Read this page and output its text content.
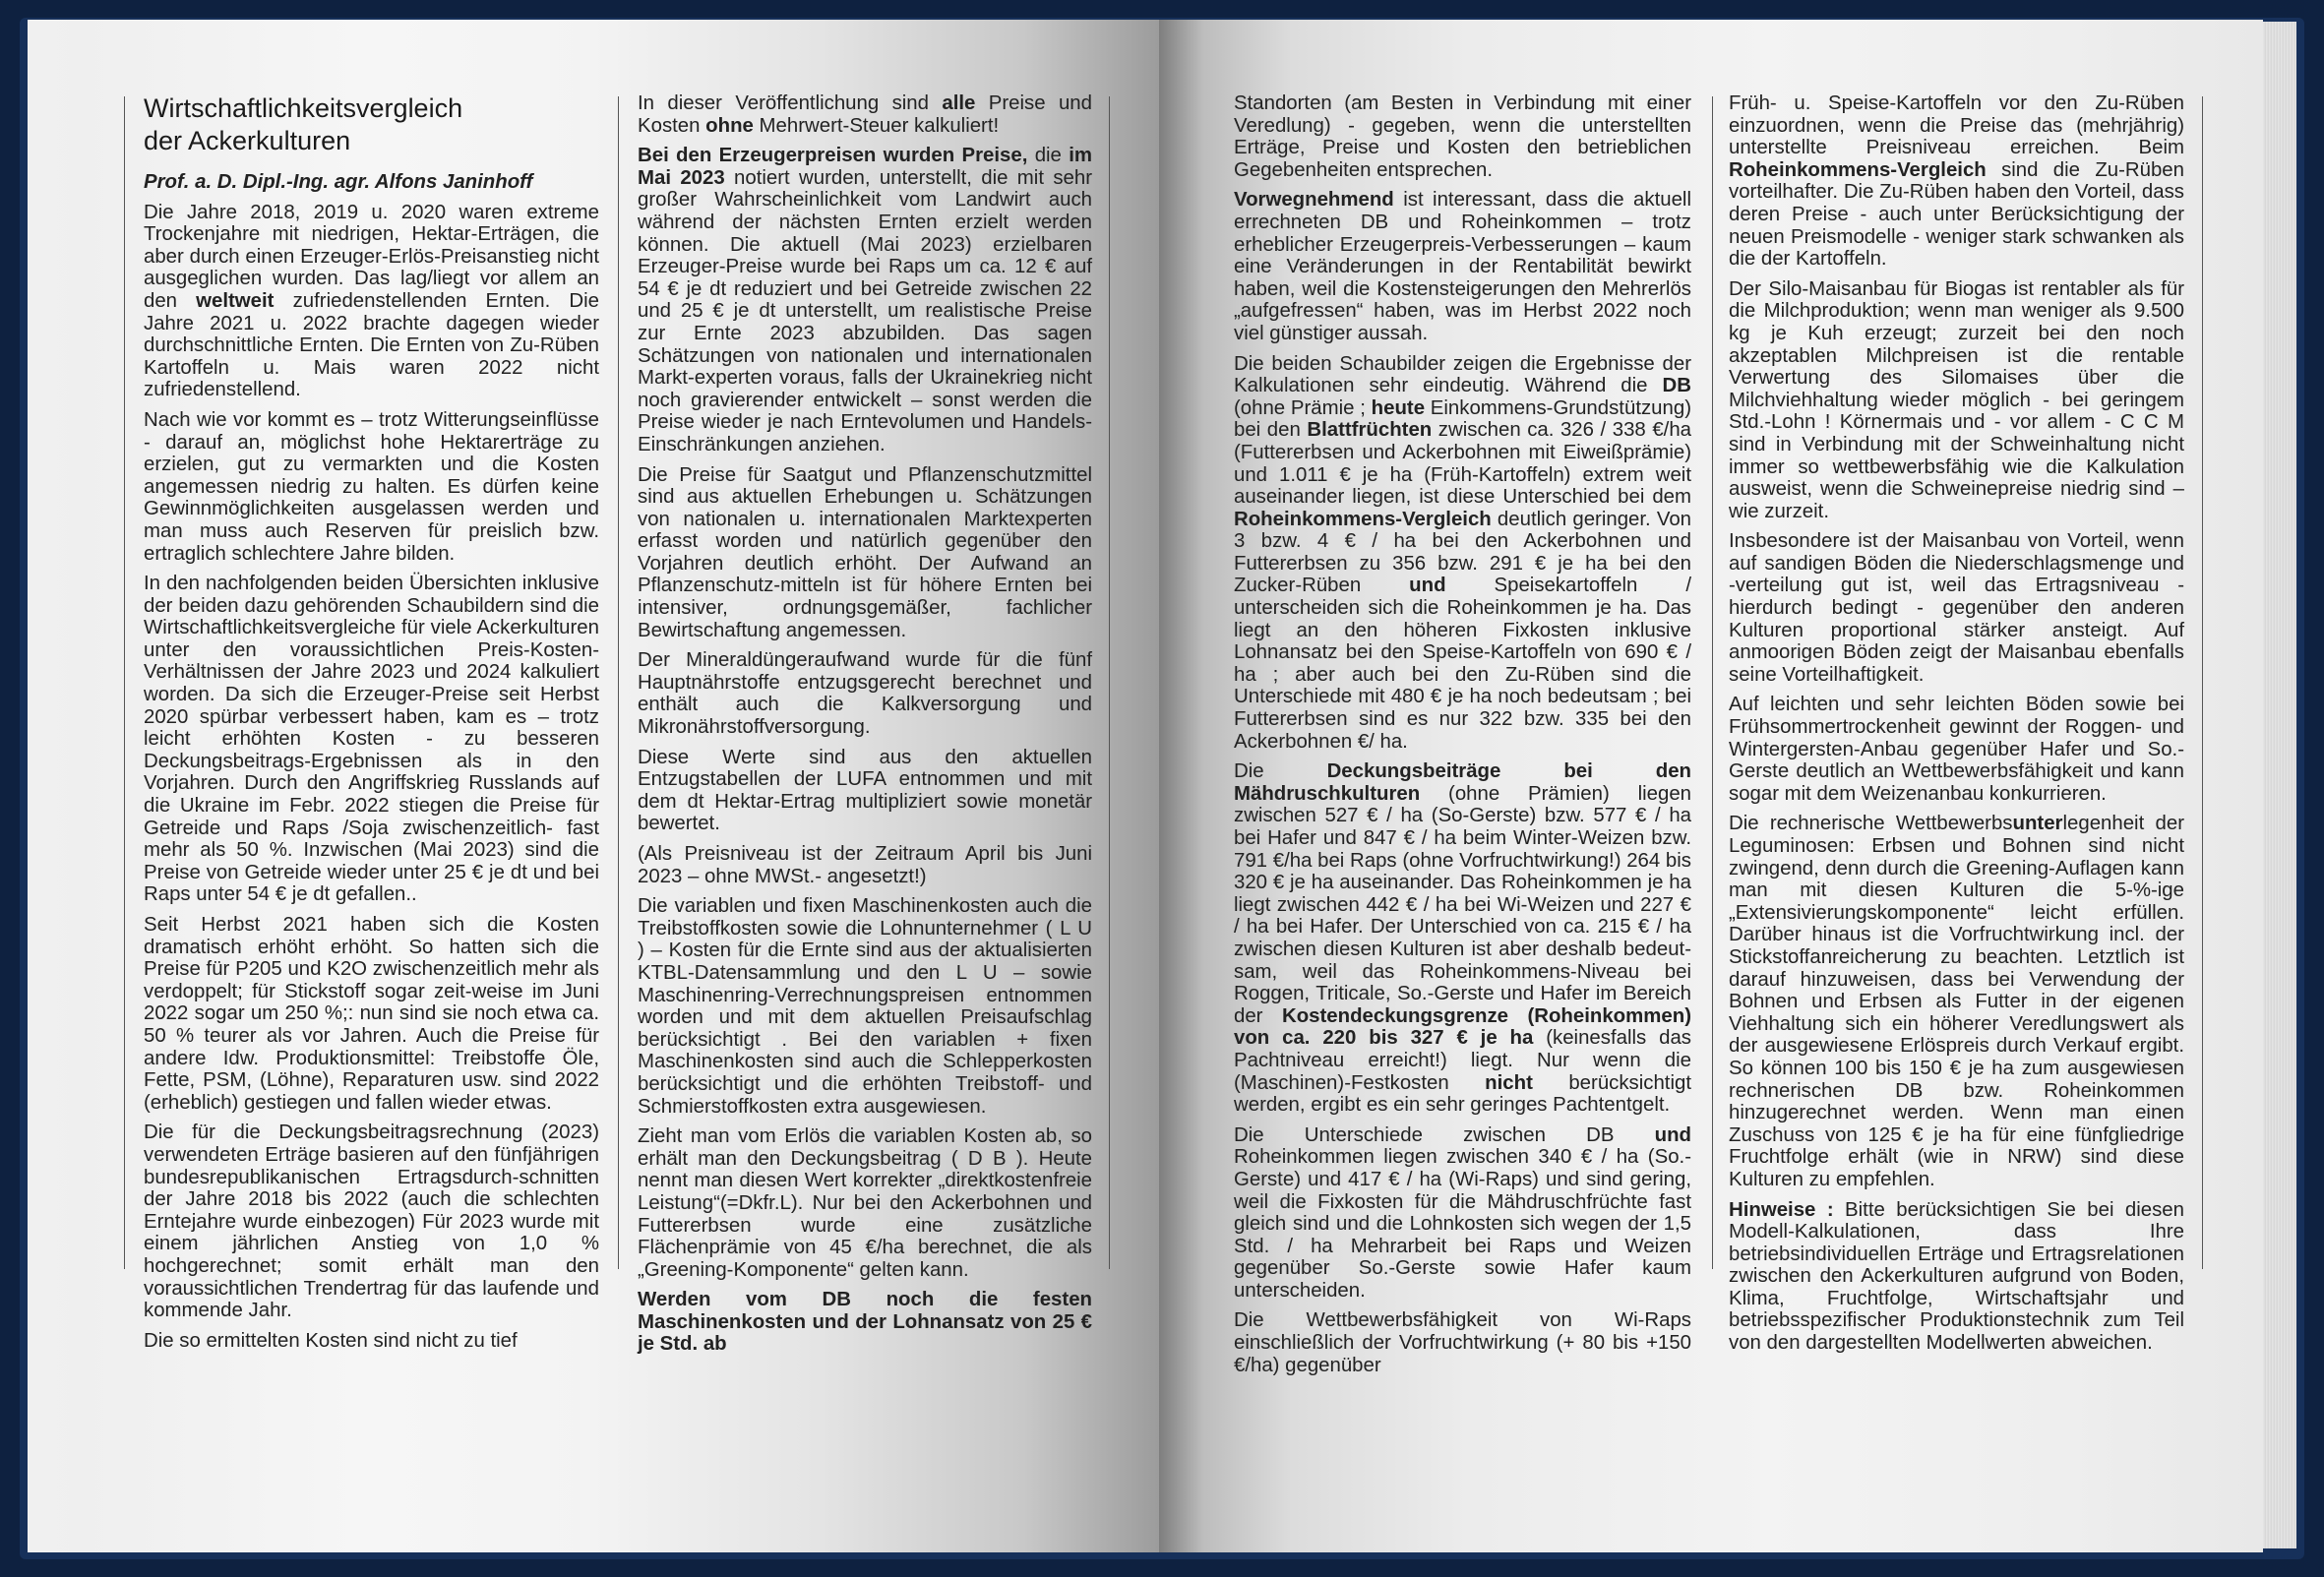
Wirtschaftlichkeitsvergleich
der Ackerkulturen

Prof. a. D. Dipl.-Ing. agr. Alfons Janinhoff

Die Jahre 2018, 2019 u. 2020 waren extreme Trockenjahre mit niedrigen, Hektar-Erträgen, die aber durch einen Erzeuger-Erlös-Preisanstieg nicht ausgeglichen wurden. Das lag/liegt vor allem an den weltweit zufriedenstellenden Ernten. Die Jahre 2021 u. 2022 brachte dagegen wieder durchschnittliche Ernten. Die Ernten von Zu-Rüben Kartoffeln u. Mais waren 2022 nicht zufriedenstellend.

Nach wie vor kommt es – trotz Witterungseinflüsse - darauf an, möglichst hohe Hektarerträge zu erzielen, gut zu vermarkten und die Kosten angemessen niedrig zu halten. Es dürfen keine Gewinnmöglichkeiten ausgelassen werden und man muss auch Reserven für preislich bzw. ertraglich schlechtere Jahre bilden.

In den nachfolgenden beiden Übersichten inklusive der beiden dazu gehörenden Schaubildern sind die Wirtschaftlichkeitsvergleiche für viele Ackerkulturen unter den voraussichtlichen Preis-Kosten-Verhältnissen der Jahre 2023 und 2024 kalkuliert worden. Da sich die Erzeuger-Preise seit Herbst 2020 spürbar verbessert haben, kam es – trotz leicht erhöhten Kosten - zu besseren Deckungsbeitrags-Ergebnissen als in den Vorjahren. Durch den Angriffskrieg Russlands auf die Ukraine im Febr. 2022 stiegen die Preise für Getreide und Raps /Soja zwischenzeitlich- fast mehr als 50 %. Inzwischen (Mai 2023) sind die Preise von Getreide wieder unter 25 € je dt und bei Raps unter 54 € je dt gefallen..

Seit Herbst 2021 haben sich die Kosten dramatisch erhöht erhöht. So hatten sich die Preise für P205 und K2O zwischenzeitlich mehr als verdoppelt; für Stickstoff sogar zeit-weise im Juni 2022 sogar um 250 %;: nun sind sie noch etwa ca. 50 % teurer als vor Jahren. Auch die Preise für andere Idw. Produktionsmittel: Treibstoffe Öle, Fette, PSM, (Löhne), Reparaturen usw. sind 2022 (erheblich) gestiegen und fallen wieder etwas.

Die für die Deckungsbeitragsrechnung (2023) verwendeten Erträge basieren auf den fünfjährigen bundesrepublikanischen Ertragsdurch-schnitten der Jahre 2018 bis 2022 (auch die schlechten Erntejahre wurde einbezogen) Für 2023 wurde mit einem jährlichen Anstieg von 1,0 % hochgerechnet; somit erhält man den voraussichtlichen Trendertrag für das laufende und kommende Jahr.

Die so ermittelten Kosten sind nicht zu tief

In dieser Veröffentlichung sind alle Preise und Kosten ohne Mehrwert-Steuer kalkuliert!

Bei den Erzeugerpreisen wurden Preise, die im Mai 2023 notiert wurden, unterstellt, die mit sehr großer Wahrscheinlichkeit vom Landwirt auch während der nächsten Ernten erzielt werden können. Die aktuell (Mai 2023) erzielbaren Erzeuger-Preise wurde bei Raps um ca. 12 € auf 54 € je dt reduziert und bei Getreide zwischen 22 und 25 € je dt unterstellt, um realistische Preise zur Ernte 2023 abzubilden. Das sagen Schätzungen von nationalen und internationalen Markt-experten voraus, falls der Ukrainekrieg nicht noch gravierender entwickelt – sonst werden die Preise wieder je nach Erntevolumen und Handels-Einschränkungen anziehen.

Die Preise für Saatgut und Pflanzenschutzmittel sind aus aktuellen Erhebungen u. Schätzungen von nationalen u. internationalen Marktexperten erfasst worden und natürlich gegenüber den Vorjahren deutlich erhöht. Der Aufwand an Pflanzenschutz-mitteln ist für höhere Ernten bei intensiver, ordnungsgemäßer, fachlicher Bewirtschaftung angemessen.

Der Mineraldüngeraufwand wurde für die fünf Hauptnährstoffe entzugsgerecht berechnet und enthält auch die Kalkversorgung und Mikronährstoffversorgung.

Diese Werte sind aus den aktuellen Entzugstabellen der LUFA entnommen und mit dem dt Hektar-Ertrag multipliziert sowie monetär bewertet.

(Als Preisniveau ist der Zeitraum April bis Juni 2023 – ohne MWSt.- angesetzt!)

Die variablen und fixen Maschinenkosten auch die Treibstoffkosten sowie die Lohnunternehmer ( L U ) – Kosten für die Ernte sind aus der aktualisierten KTBL-Datensammlung und den L U – sowie Maschinenring-Verrechnungspreisen entnommen worden und mit dem aktuellen Preisaufschlag berücksichtigt . Bei den variablen + fixen Maschinenkosten sind auch die Schlepperkosten berücksichtigt und die erhöhten Treibstoff- und Schmierstoffkosten extra ausgewiesen.

Zieht man vom Erlös die variablen Kosten ab, so erhält man den Deckungsbeitrag ( D B ). Heute nennt man diesen Wert korrekter „direktkostenfreie Leistung“(=Dkfr.L). Nur bei den Ackerbohnen und Futtererbsen wurde eine zusätzliche Flächenprämie von 45 €/ha berechnet, die als „Greening-Komponente“ gelten kann.

Werden vom DB noch die festen Maschinenkosten und der Lohnansatz von 25 € je Std. ab

Standorten (am Besten in Verbindung mit einer Veredlung) - gegeben, wenn die unterstellten Erträge, Preise und Kosten den betrieblichen Gegebenheiten entsprechen.

Vorwegnehmend ist interessant, dass die aktuell errechneten DB und Roheinkommen – trotz erheblicher Erzeugerpreis-Verbesserungen – kaum eine Veränderungen in der Rentabilität bewirkt haben, weil die Kostensteigerungen den Mehrerlös „aufgefressen“ haben, was im Herbst 2022 noch viel günstiger aussah.

Die beiden Schaubilder zeigen die Ergebnisse der Kalkulationen sehr eindeutig. Während die DB (ohne Prämie ; heute Einkommens-Grundstützung) bei den Blattfrüchten zwischen ca. 326 / 338 €/ha (Futtererbsen und Ackerbohnen mit Eiweißprämie) und 1.011 € je ha (Früh-Kartoffeln) extrem weit auseinander liegen, ist diese Unterschied bei dem Roheinkommens-Vergleich deutlich geringer. Von 3 bzw. 4 € / ha bei den Ackerbohnen und Futtererbsen zu 356 bzw. 291 € je ha bei den Zucker-Rüben und Speisekartoffeln / unterscheiden sich die Roheinkommen je ha. Das liegt an den höheren Fixkosten inklusive Lohnansatz bei den Speise-Kartoffeln von 690 € / ha ; aber auch bei den Zu-Rüben sind die Unterschiede mit 480 € je ha noch bedeutsam ; bei Futtererbsen sind es nur 322 bzw. 335 bei den Ackerbohnen €/ ha.

Die	Deckungsbeiträge bei den Mähdruschkulturen (ohne Prämien) liegen zwischen 527 € / ha (So-Gerste) bzw. 577 € / ha bei Hafer und 847 € / ha beim Winter-Weizen bzw. 791 €/ha bei Raps (ohne Vorfruchtwirkung!) 264 bis 320 € je ha auseinander. Das Roheinkommen je ha liegt zwischen 442 € / ha bei Wi-Weizen und 227 € / ha bei Hafer. Der Unterschied von ca. 215 € / ha zwischen diesen Kulturen ist aber deshalb bedeut-sam, weil das Roheinkommens-Niveau bei Roggen, Triticale, So.-Gerste und Hafer im Bereich der Kostendeckungsgrenze (Roheinkommen) von ca. 220 bis 327 € je ha (keinesfalls das Pachtniveau erreicht!) liegt. Nur wenn die (Maschinen)-Festkosten nicht berücksichtigt werden, ergibt es ein sehr geringes Pachtentgelt.

Die Unterschiede zwischen DB und Roheinkommen liegen zwischen 340 € / ha (So.-Gerste) und 417 € / ha (Wi-Raps) und sind gering, weil die Fixkosten für die Mähdruschfrüchte fast gleich sind und die Lohnkosten sich wegen der 1,5 Std. / ha Mehrarbeit bei Raps und Weizen gegenüber So.-Gerste sowie Hafer kaum unterscheiden.

Die Wettbewerbsfähigkeit von Wi-Raps einschließlich der Vorfruchtwirkung (+ 80 bis +150 €/ha) gegenüber

Früh- u. Speise-Kartoffeln vor den Zu-Rüben einzuordnen, wenn die Preise das (mehrjährig) unterstellte Preisniveau erreichen. Beim Roheinkommens-Vergleich sind die Zu-Rüben vorteilhafter. Die Zu-Rüben haben den Vorteil, dass deren Preise - auch unter Berücksichtigung der neuen Preismodelle - weniger stark schwanken als die der Kartoffeln.

Der Silo-Maisanbau für Biogas ist rentabler als für die Milchproduktion; wenn man weniger als 9.500 kg je Kuh erzeugt; zurzeit bei den noch akzeptablen Milchpreisen ist die rentable Verwertung des Silomaises über die Milchviehhaltung wieder möglich - bei geringem Std.-Lohn ! Körnermais und - vor allem - C C M sind in Verbindung mit der Schweinhaltung nicht immer so wettbewerbsfähig wie die Kalkulation ausweist, wenn die Schweinepreise niedrig sind – wie zurzeit.

Insbesondere ist der Maisanbau von Vorteil, wenn auf sandigen Böden die Niederschlagsmenge und -verteilung gut ist, weil das Ertragsniveau - hierdurch bedingt - gegenüber den anderen Kulturen proportional stärker ansteigt. Auf anmoorigen Böden zeigt der Maisanbau ebenfalls seine Vorteilhaftigkeit.

Auf leichten und sehr leichten Böden sowie bei Frühsommertrockenheit gewinnt der Roggen- und Wintergersten-Anbau gegenüber Hafer und So.-Gerste deutlich an Wettbewerbsfähigkeit und kann sogar mit dem Weizenanbau konkurrieren.

Die rechnerische Wettbewerbsunterlegenheit der Leguminosen: Erbsen und Bohnen sind nicht zwingend, denn durch die Greening-Auflagen kann man mit diesen Kulturen die 5-%-ige „Extensivierungskomponente“ leicht erfüllen. Darüber hinaus ist die Vorfruchtwirkung incl. der Stickstoffanreicherung zu beachten. Letztlich ist darauf hinzuweisen, dass bei Verwendung der Bohnen und Erbsen als Futter in der eigenen Viehhaltung sich ein höherer Veredlungswert als der ausgewiesene Erlöspreis durch Verkauf ergibt. So können 100 bis 150 € je ha zum ausgewiesen rechnerischen DB bzw. Roheinkommen hinzugerechnet werden. Wenn man einen Zuschuss von 125 € je ha für eine fünfgliedrige Fruchtfolge erhält (wie in NRW) sind diese Kulturen zu empfehlen.

Hinweise : Bitte berücksichtigen Sie bei diesen Modell-Kalkulationen, dass Ihre betriebsindividuellen Erträge und Ertragsrelationen zwischen den Ackerkulturen aufgrund von Boden, Klima, Fruchtfolge, Wirtschaftsjahr und betriebsspezifischer Produktionstechnik zum Teil von den dargestellten Modellwerten abweichen.
